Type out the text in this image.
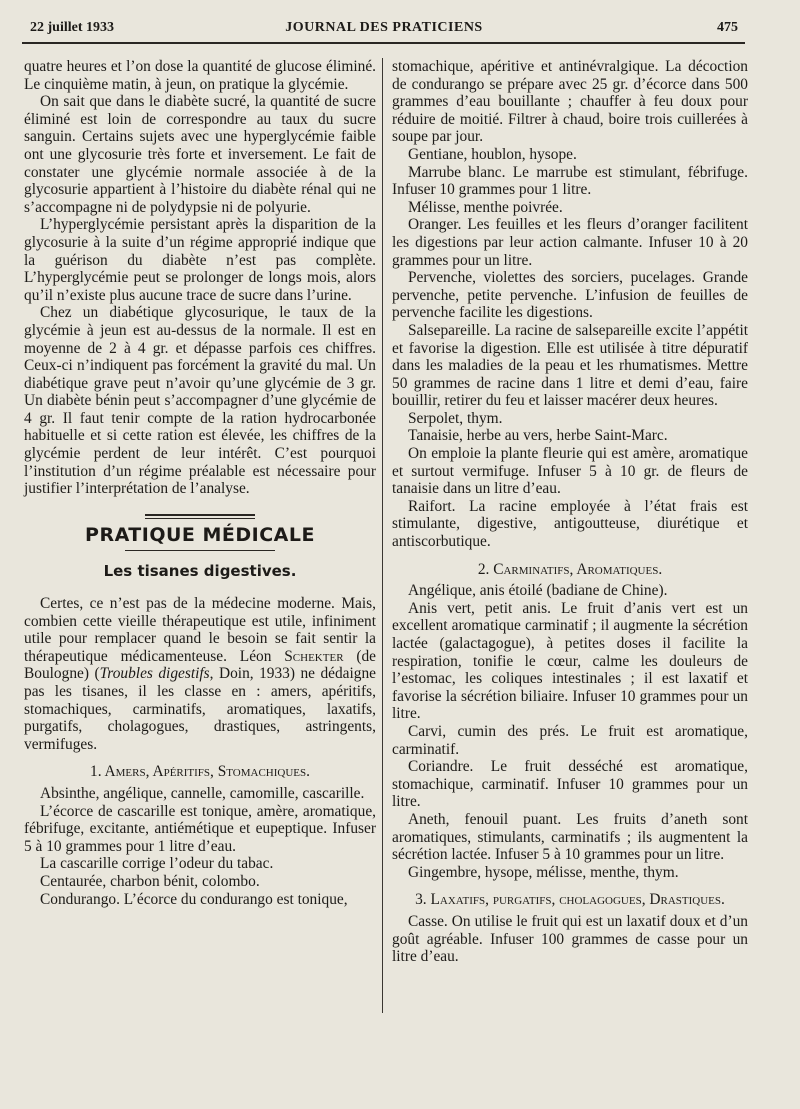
22 juillet 1933	JOURNAL DES PRATICIENS	475

quatre heures et l’on dose la quantité de glucose éliminé. Le cinquième matin, à jeun, on pratique la glycémie.

On sait que dans le diabète sucré, la quantité de sucre éliminé est loin de correspondre au taux du sucre sanguin. Certains sujets avec une hyperglycémie faible ont une glycosurie très forte et inversement. Le fait de constater une glycémie normale associée à de la glycosurie appartient à l’histoire du diabète rénal qui ne s’accompagne ni de polydypsie ni de polyurie.

L’hyperglycémie persistant après la disparition de la glycosurie à la suite d’un régime approprié indique que la guérison du diabète n’est pas complète. L’hyperglycémie peut se prolonger de longs mois, alors qu’il n’existe plus aucune trace de sucre dans l’urine.

Chez un diabétique glycosurique, le taux de la glycémie à jeun est au-dessus de la normale. Il est en moyenne de 2 à 4 gr. et dépasse parfois ces chiffres. Ceux-ci n’indiquent pas forcément la gravité du mal. Un diabétique grave peut n’avoir qu’une glycémie de 3 gr. Un diabète bénin peut s’accompagner d’une glycémie de 4 gr. Il faut tenir compte de la ration hydrocarbonée habituelle et si cette ration est élevée, les chiffres de la glycémie perdent de leur intérêt. C’est pourquoi l’institution d’un régime préalable est nécessaire pour justifier l’interprétation de l’analyse.

PRATIQUE MÉDICALE
Les tisanes digestives.

Certes, ce n’est pas de la médecine moderne. Mais, combien cette vieille thérapeutique est utile, infiniment utile pour remplacer quand le besoin se fait sentir la thérapeutique médicamenteuse. Léon Schekter (de Boulogne) (Troubles digestifs, Doin, 1933) ne dédaigne pas les tisanes, il les classe en : amers, apéritifs, stomachiques, carminatifs, aromatiques, laxatifs, purgatifs, cholagogues, drastiques, astringents, vermifuges.

1. Amers, Apéritifs, Stomachiques.

Absinthe, angélique, cannelle, camomille, cascarille.

L’écorce de cascarille est tonique, amère, aromatique, fébrifuge, excitante, antiémétique et eupeptique. Infuser 5 à 10 grammes pour 1 litre d’eau.

La cascarille corrige l’odeur du tabac.

Centaurée, charbon bénit, colombo.

Condurango. L’écorce du condurango est tonique,

stomachique, apéritive et antinévralgique. La décoction de condurango se prépare avec 25 gr. d’écorce dans 500 grammes d’eau bouillante ; chauffer à feu doux pour réduire de moitié. Filtrer à chaud, boire trois cuillerées à soupe par jour.

Gentiane, houblon, hysope.

Marrube blanc. Le marrube est stimulant, fébrifuge. Infuser 10 grammes pour 1 litre.

Mélisse, menthe poivrée.

Oranger. Les feuilles et les fleurs d’oranger facilitent les digestions par leur action calmante. Infuser 10 à 20 grammes pour un litre.

Pervenche, violettes des sorciers, pucelages. Grande pervenche, petite pervenche. L’infusion de feuilles de pervenche facilite les digestions.

Salsepareille. La racine de salsepareille excite l’appétit et favorise la digestion. Elle est utilisée à titre dépuratif dans les maladies de la peau et les rhumatismes. Mettre 50 grammes de racine dans 1 litre et demi d’eau, faire bouillir, retirer du feu et laisser macérer deux heures.

Serpolet, thym.

Tanaisie, herbe au vers, herbe Saint-Marc.

On emploie la plante fleurie qui est amère, aromatique et surtout vermifuge. Infuser 5 à 10 gr. de fleurs de tanaisie dans un litre d’eau.

Raifort. La racine employée à l’état frais est stimulante, digestive, antigoutteuse, diurétique et antiscorbutique.

2. Carminatifs, Aromatiques.

Angélique, anis étoilé (badiane de Chine).

Anis vert, petit anis. Le fruit d’anis vert est un excellent aromatique carminatif ; il augmente la sécrétion lactée (galactagogue), à petites doses il facilite la respiration, tonifie le cœur, calme les douleurs de l’estomac, les coliques intestinales ; il est laxatif et favorise la sécrétion biliaire. Infuser 10 grammes pour un litre.

Carvi, cumin des prés. Le fruit est aromatique, carminatif.

Coriandre. Le fruit desséché est aromatique, stomachique, carminatif. Infuser 10 grammes pour un litre.

Aneth, fenouil puant. Les fruits d’aneth sont aromatiques, stimulants, carminatifs ; ils augmentent la sécrétion lactée. Infuser 5 à 10 grammes pour un litre.

Gingembre, hysope, mélisse, menthe, thym.

3. Laxatifs, purgatifs, cholagogues, Drastiques.

Casse. On utilise le fruit qui est un laxatif doux et d’un goût agréable. Infuser 100 grammes de casse pour un litre d’eau.
